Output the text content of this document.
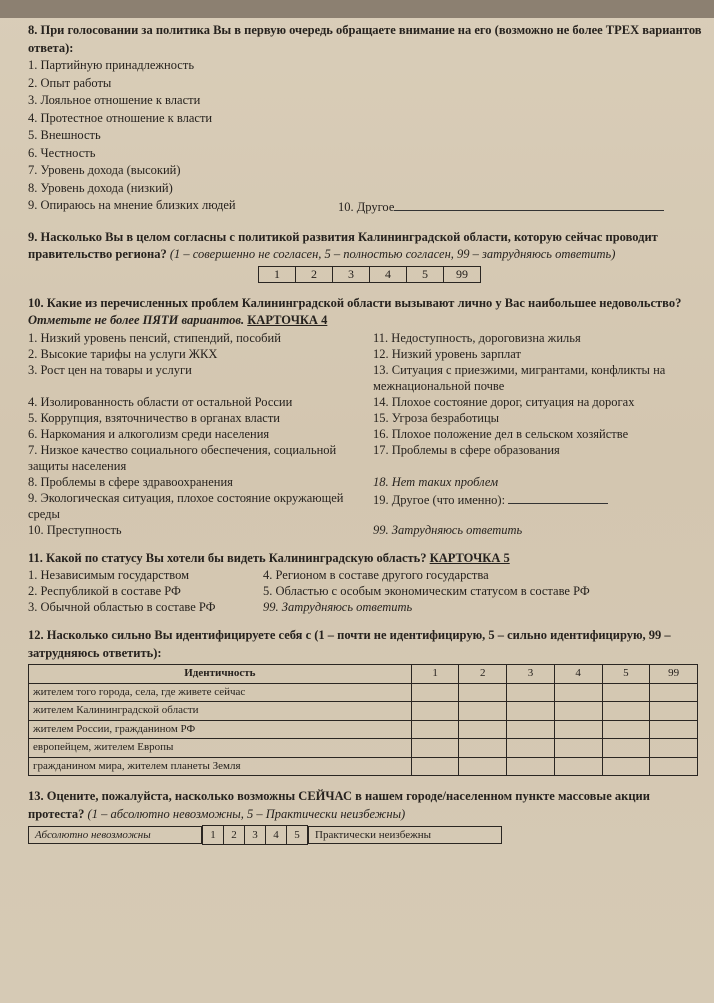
8. При голосовании за политика Вы в первую очередь обращаете внимание на его (возможно не более ТРЕХ вариантов ответа):
1. Партийную принадлежность
2. Опыт работы
3. Лояльное отношение к власти
4. Протестное отношение к власти
5. Внешность
6. Честность
7. Уровень дохода (высокий)
8. Уровень дохода (низкий)
9. Опираюсь на мнение близких людей	10. Другое
9. Насколько Вы в целом согласны с политикой развития Калининградской области, которую сейчас проводит правительство региона? (1 – совершенно не согласен, 5 – полностью согласен, 99 – затрудняюсь ответить)
1	2	3	4	5	99
10. Какие из перечисленных проблем Калининградской области вызывают лично у Вас наибольшее недовольство? Отметьте не более ПЯТИ вариантов. КАРТОЧКА 4
1. Низкий уровень пенсий, стипендий, пособий	11. Недоступность, дороговизна жилья
2. Высокие тарифы на услуги ЖКХ	12. Низкий уровень зарплат
3. Рост цен на товары и услуги	13. Ситуация с приезжими, мигрантами, конфликты на межнациональной почве
4. Изолированность области от остальной России	14. Плохое состояние дорог, ситуация на дорогах
5. Коррупция, взяточничество в органах власти	15. Угроза безработицы
6. Наркомания и алкоголизм среди населения	16. Плохое положение дел в сельском хозяйстве
7. Низкое качество социального обеспечения, социальной защиты населения
17. Проблемы в сфере образования
8. Проблемы в сфере здравоохранения	18. Нет таких проблем
9. Экологическая ситуация, плохое состояние окружающей среды
19. Другое (что именно):
10. Преступность	99. Затрудняюсь ответить
11. Какой по статусу Вы хотели бы видеть Калининградскую область? КАРТОЧКА 5
1. Независимым государством	4. Регионом в составе другого государства
2. Республикой в составе РФ	5. Областью с особым экономическим статусом в составе РФ
3. Обычной областью в составе РФ	99. Затрудняюсь ответить
12. Насколько сильно Вы идентифицируете себя с (1 – почти не идентифицирую, 5 – сильно идентифицирую, 99 – затрудняюсь ответить):
Идентичность	1	2	3	4	5	99
жителем того города, села, где живете сейчас						
жителем Калининградской области						
жителем России, гражданином РФ						
европейцем, жителем Европы						
гражданином мира, жителем планеты Земля						
13. Оцените, пожалуйста, насколько возможны СЕЙЧАС в нашем городе/населенном пункте массовые акции протеста? (1 – абсолютно невозможны, 5 – Практически неизбежны)
Абсолютно невозможны	1	2	3	4	5	Практически неизбежны
